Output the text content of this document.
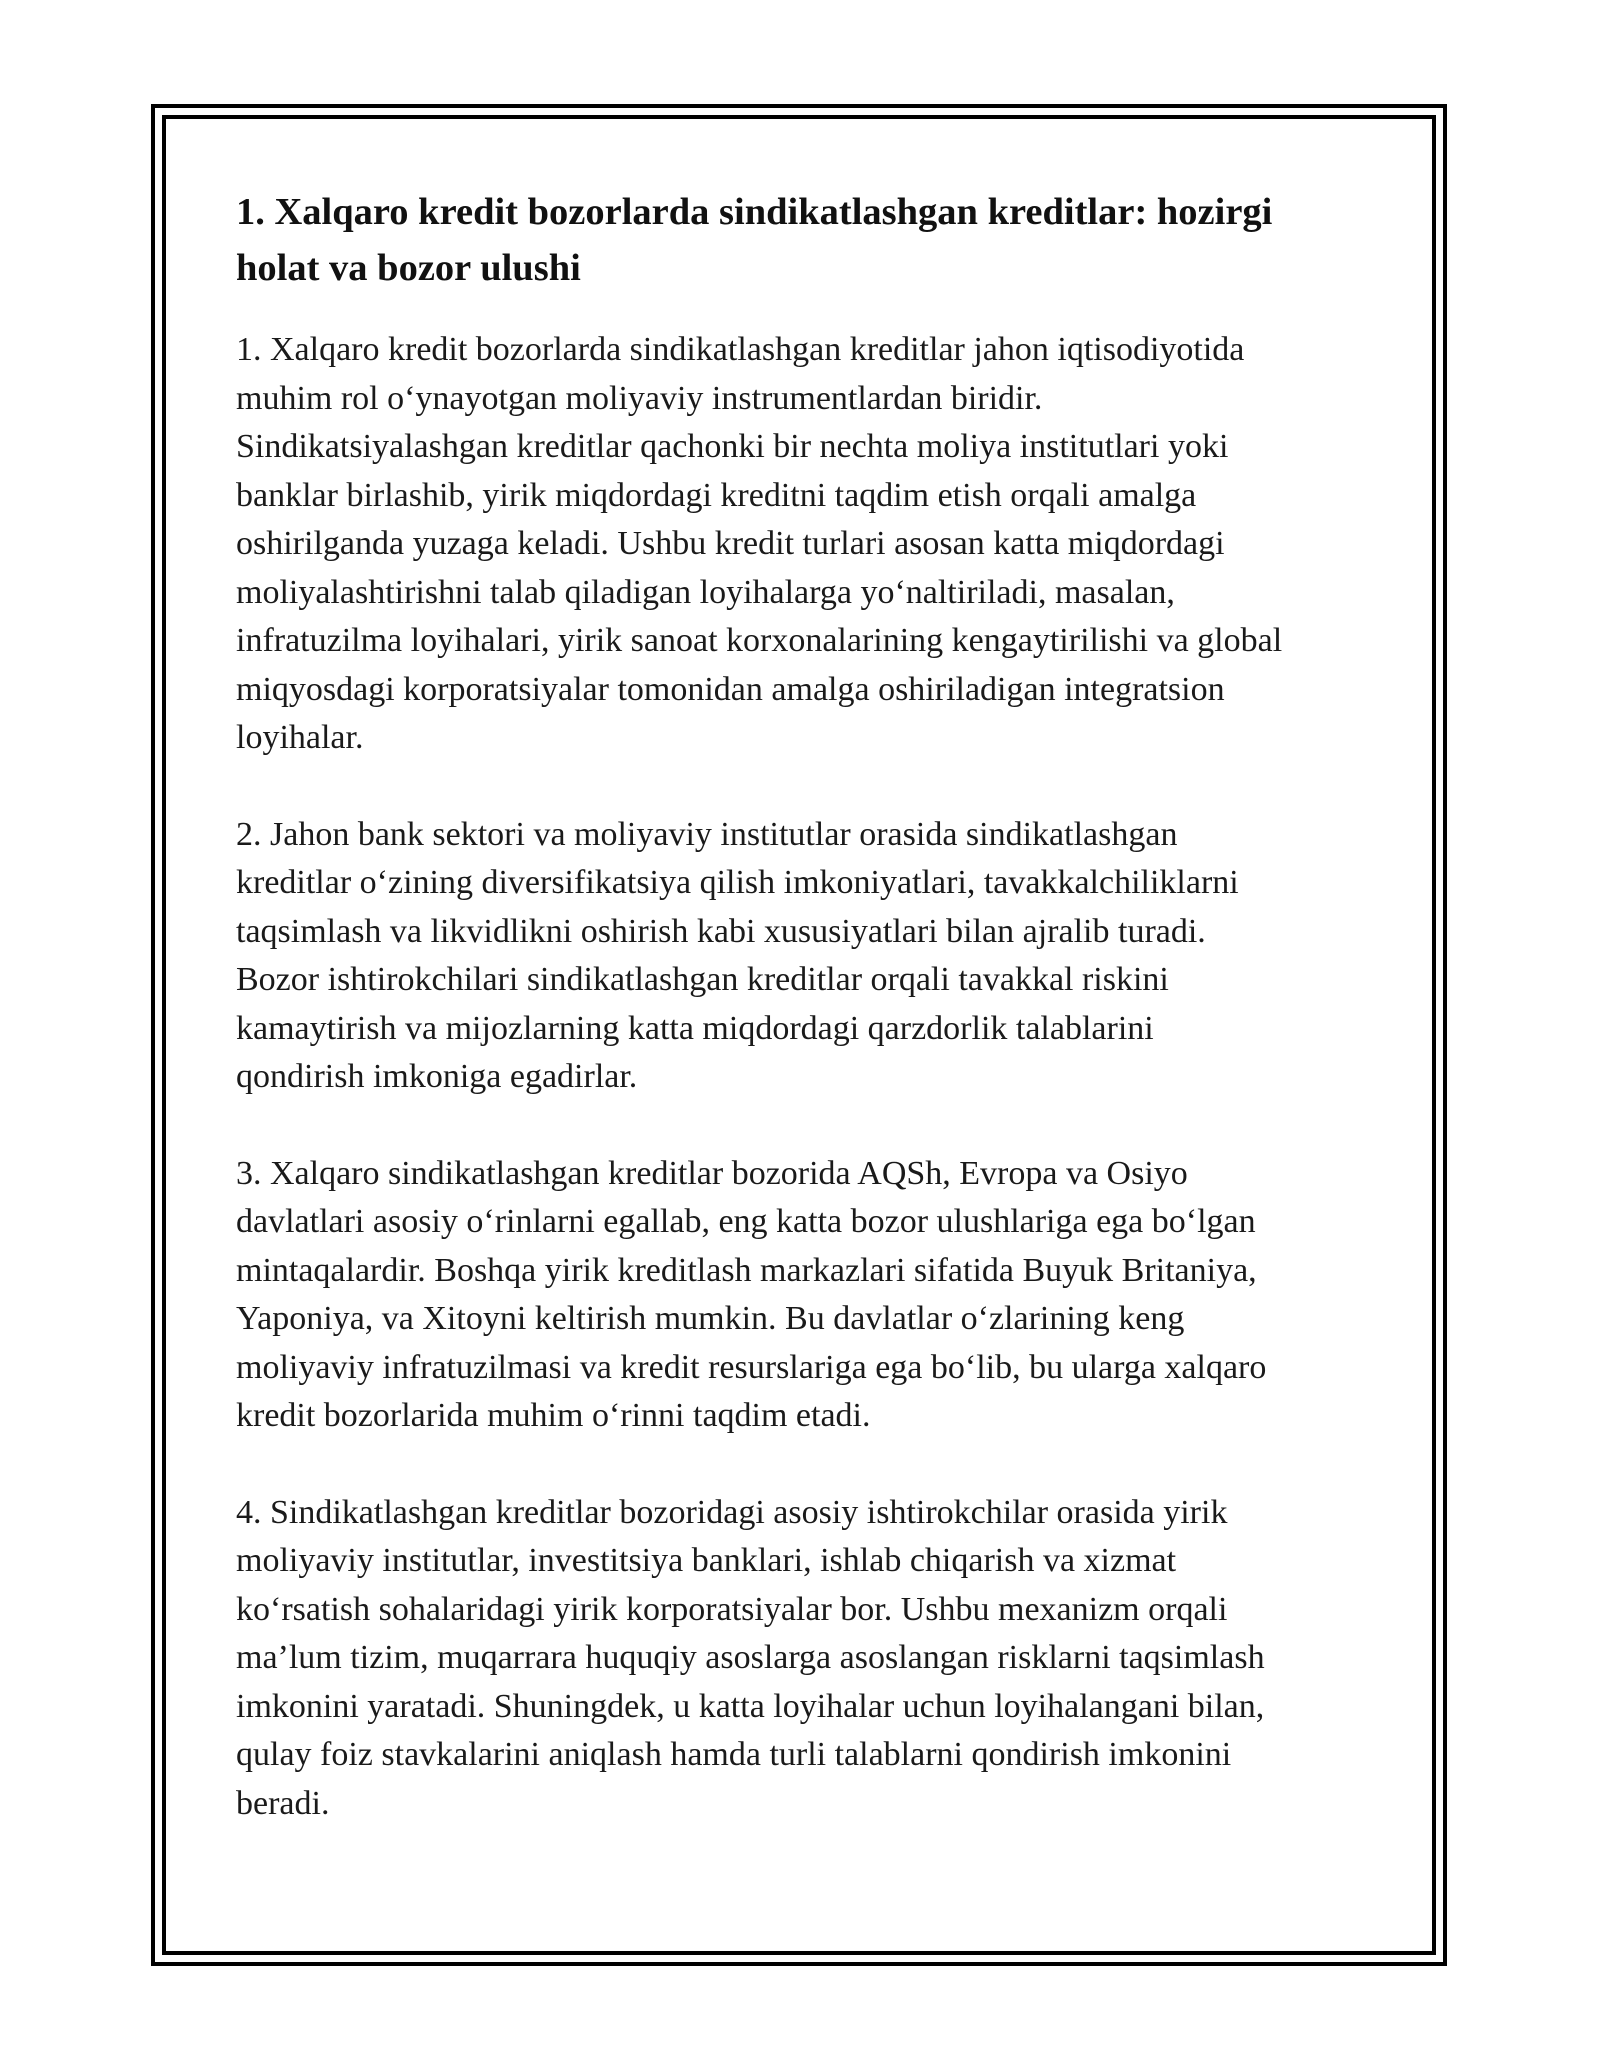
1. Xalqaro kredit bozorlarda sindikatlashgan kreditlar: hozirgi
holat va bozor ulushi

1. Xalqaro kredit bozorlarda sindikatlashgan kreditlar jahon iqtisodiyotida
muhim rol o‘ynayotgan moliyaviy instrumentlardan biridir.
Sindikatsiyalashgan kreditlar qachonki bir nechta moliya institutlari yoki
banklar birlashib, yirik miqdordagi kreditni taqdim etish orqali amalga
oshirilganda yuzaga keladi. Ushbu kredit turlari asosan katta miqdordagi
moliyalashtirishni talab qiladigan loyihalarga yo‘naltiriladi, masalan,
infratuzilma loyihalari, yirik sanoat korxonalarining kengaytirilishi va global
miqyosdagi korporatsiyalar tomonidan amalga oshiriladigan integratsion
loyihalar.

2. Jahon bank sektori va moliyaviy institutlar orasida sindikatlashgan
kreditlar o‘zining diversifikatsiya qilish imkoniyatlari, tavakkalchiliklarni
taqsimlash va likvidlikni oshirish kabi xususiyatlari bilan ajralib turadi.
Bozor ishtirokchilari sindikatlashgan kreditlar orqali tavakkal riskini
kamaytirish va mijozlarning katta miqdordagi qarzdorlik talablarini
qondirish imkoniga egadirlar.

3. Xalqaro sindikatlashgan kreditlar bozorida AQSh, Evropa va Osiyo
davlatlari asosiy o‘rinlarni egallab, eng katta bozor ulushlariga ega bo‘lgan
mintaqalardir. Boshqa yirik kreditlash markazlari sifatida Buyuk Britaniya,
Yaponiya, va Xitoyni keltirish mumkin. Bu davlatlar o‘zlarining keng
moliyaviy infratuzilmasi va kredit resurslariga ega bo‘lib, bu ularga xalqaro
kredit bozorlarida muhim o‘rinni taqdim etadi.

4. Sindikatlashgan kreditlar bozoridagi asosiy ishtirokchilar orasida yirik
moliyaviy institutlar, investitsiya banklari, ishlab chiqarish va xizmat
ko‘rsatish sohalaridagi yirik korporatsiyalar bor. Ushbu mexanizm orqali
ma’lum tizim, muqarrara huquqiy asoslarga asoslangan risklarni taqsimlash
imkonini yaratadi. Shuningdek, u katta loyihalar uchun loyihalangani bilan,
qulay foiz stavkalarini aniqlash hamda turli talablarni qondirish imkonini
beradi.
